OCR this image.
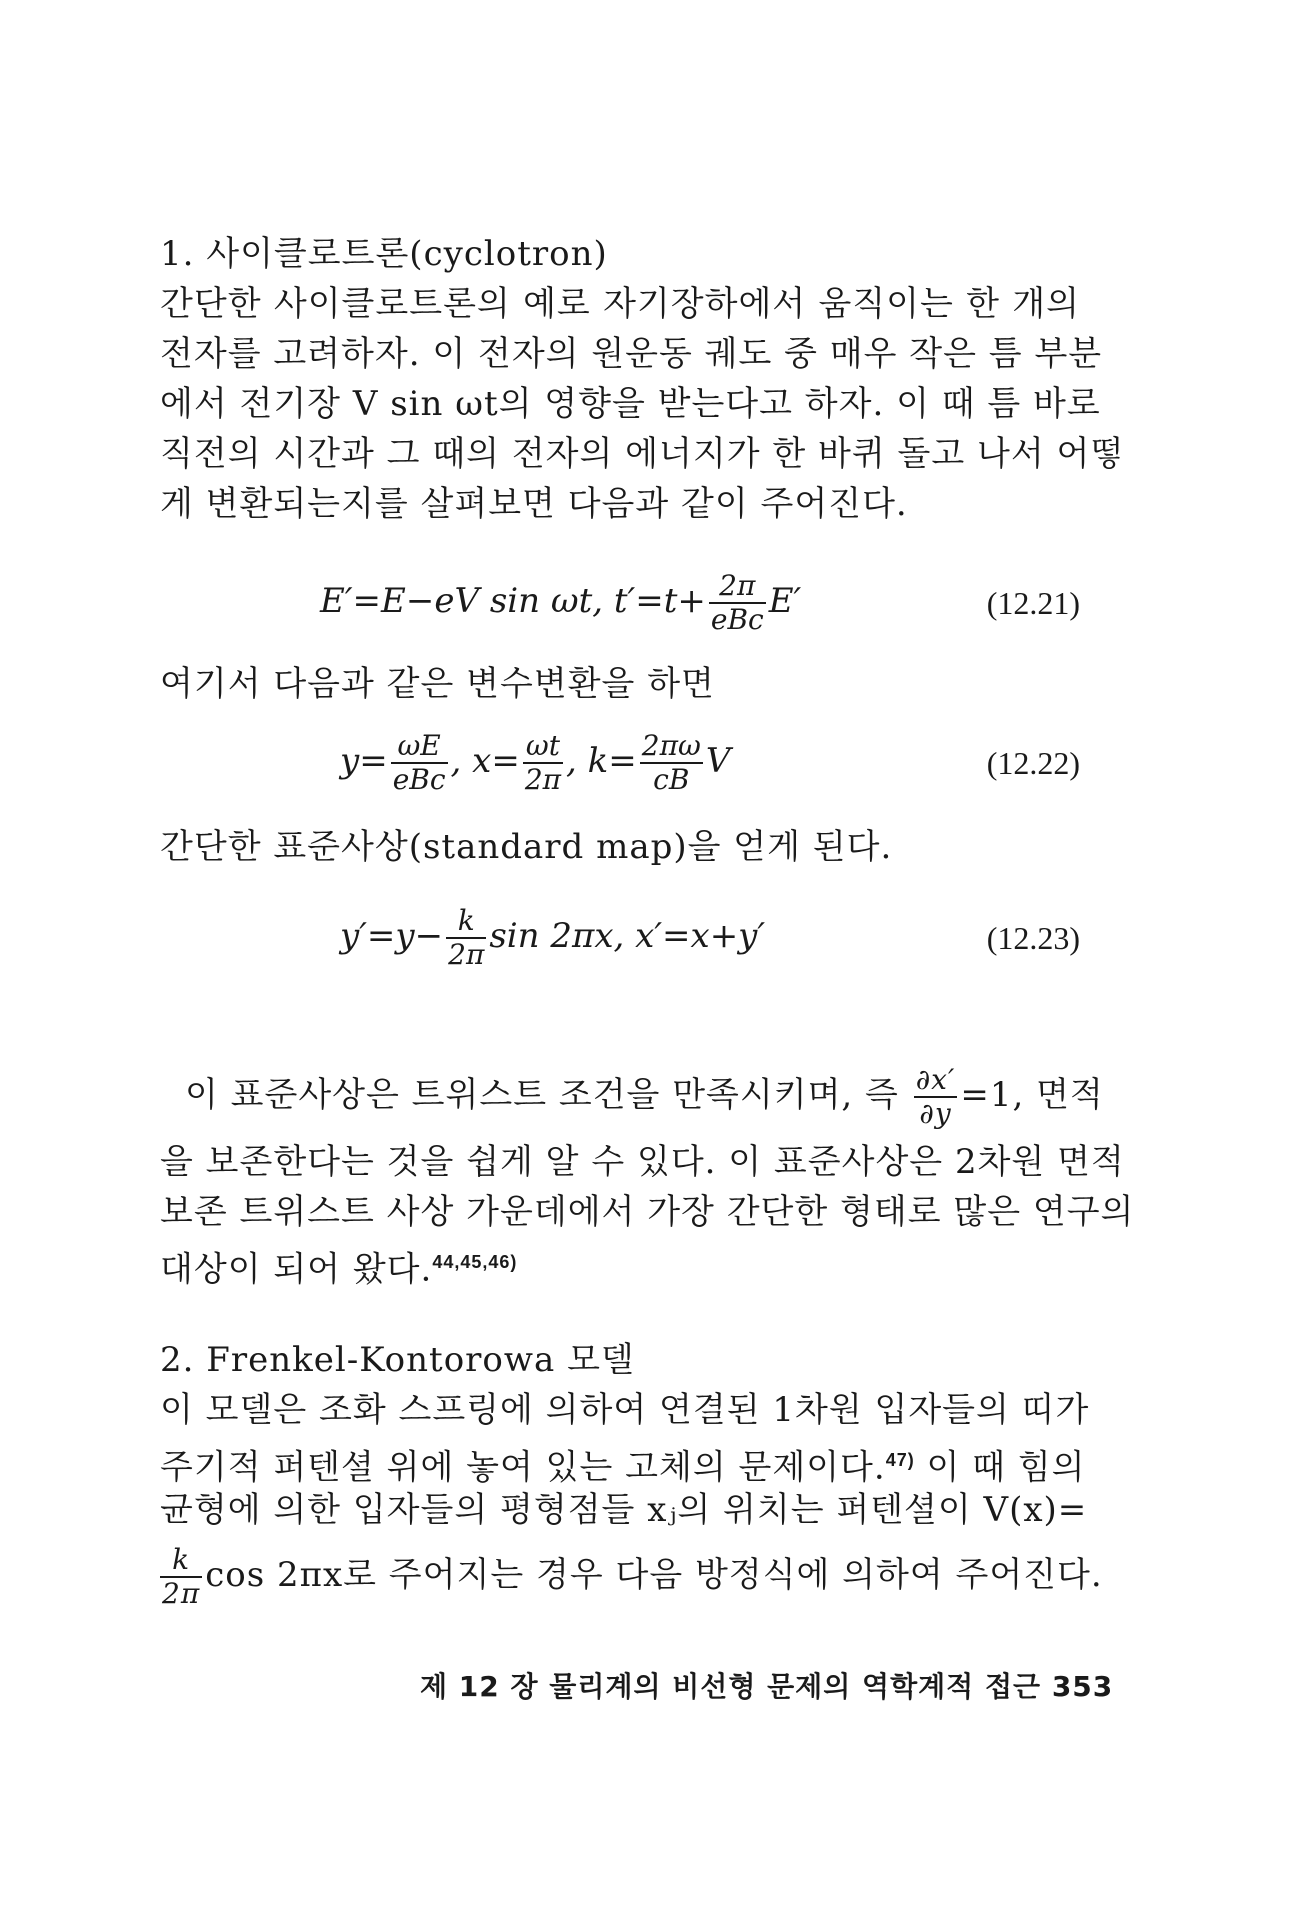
1. 사이클로트론(cyclotron)
간단한 사이클로트론의 예로 자기장하에서 움직이는 한 개의
전자를 고려하자. 이 전자의 원운동 궤도 중 매우 작은 틈 부분
에서 전기장 V sin ωt의 영향을 받는다고 하자. 이 때 틈 바로
직전의 시간과 그 때의 전자의 에너지가 한 바퀴 돌고 나서 어떻
게 변환되는지를 살펴보면 다음과 같이 주어진다.
E′=E−eV sin ωt, $t'=t+ \frac{2\pi}{\text{eBc}} E'$	(12.21)
여기서 다음과 같은 변수변환을 하면
$y= \frac{\omega E}{\text{eBc}}$ , $x= \frac{\omega t}{2\pi}$ , $k= \frac{2\pi\omega}{cB}$ V	(12.22)
간단한 표준사상(standard map)을 얻게 된다.
$y'=y- \frac{k}{2\pi}$ sin 2πx, x′=x+y′	(12.23)
이 표준사상은 트위스트 조건을 만족시키며, 즉 $\frac{\partial x'}{\partial y} =1$, 면적
을 보존한다는 것을 쉽게 알 수 있다. 이 표준사상은 2차원 면적
보존 트위스트 사상 가운데에서 가장 간단한 형태로 많은 연구의
대상이 되어 왔다.$^{44,45,46)}$
2. Frenkel-Kontorowa 모델
이 모델은 조화 스프링에 의하여 연결된 1차원 입자들의 띠가
주기적 퍼텐셜 위에 놓여 있는 고체의 문제이다.$^{47)}$ 이 때 힘의
균형에 의한 입자들의 평형점들 xⱼ의 위치는 퍼텐셜이 V(x)=
$\frac{k}{2\pi}$ cos 2πx로 주어지는 경우 다음 방정식에 의하여 주어진다.
제 12 장 물리계의 비선형 문제의 역학계적 접근 353
